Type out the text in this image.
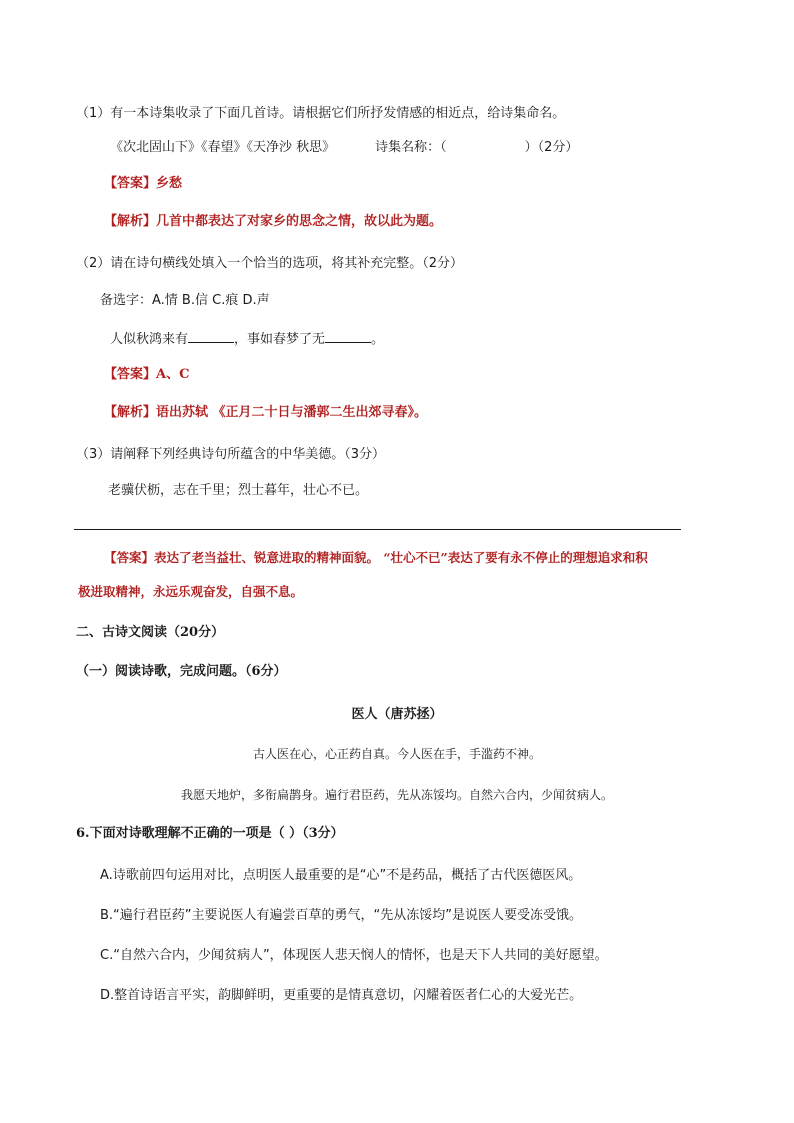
（1）有一本诗集收录了下面几首诗。请根据它们所抒发情感的相近点，给诗集命名。
《次北固山下》《春望》《天净沙 秋思》	诗集名称：（	）（2分）
【答案】乡愁
【解析】几首中都表达了对家乡的思念之情，故以此为题。
（2）请在诗句横线处填入一个恰当的选项，将其补充完整。（2分）
备选字：A.情 B.信 C.痕 D.声
人似秋鸿来有	，事如春梦了无	。
【答案】A、C
【解析】语出苏轼 《正月二十日与潘郭二生出郊寻春》。
（3）请阐释下列经典诗句所蕴含的中华美德。（3分）
老骥伏枥，志在千里；烈士暮年，壮心不已。
【答案】表达了老当益壮、锐意进取的精神面貌。 “壮心不已”表达了要有永不停止的理想追求和积
极进取精神，永远乐观奋发，自强不息。
二、古诗文阅读（20分）
（一）阅读诗歌，完成问题。（6分）
医人（唐苏拯）
古人医在心，心正药自真。今人医在手，手滥药不神。
我愿天地炉，多衔扁鹊身。遍行君臣药，先从冻馁均。自然六合内，少闻贫病人。
6.下面对诗歌理解不正确的一项是（ ）（3分）
A.诗歌前四句运用对比，点明医人最重要的是“心”不是药品，概括了古代医德医风。
B.“遍行君臣药”主要说医人有遍尝百草的勇气，“先从冻馁均”是说医人要受冻受饿。
C.“自然六合内，少闻贫病人”，体现医人悲天悯人的情怀，也是天下人共同的美好愿望。
D.整首诗语言平实，韵脚鲜明，更重要的是情真意切，闪耀着医者仁心的大爱光芒。
